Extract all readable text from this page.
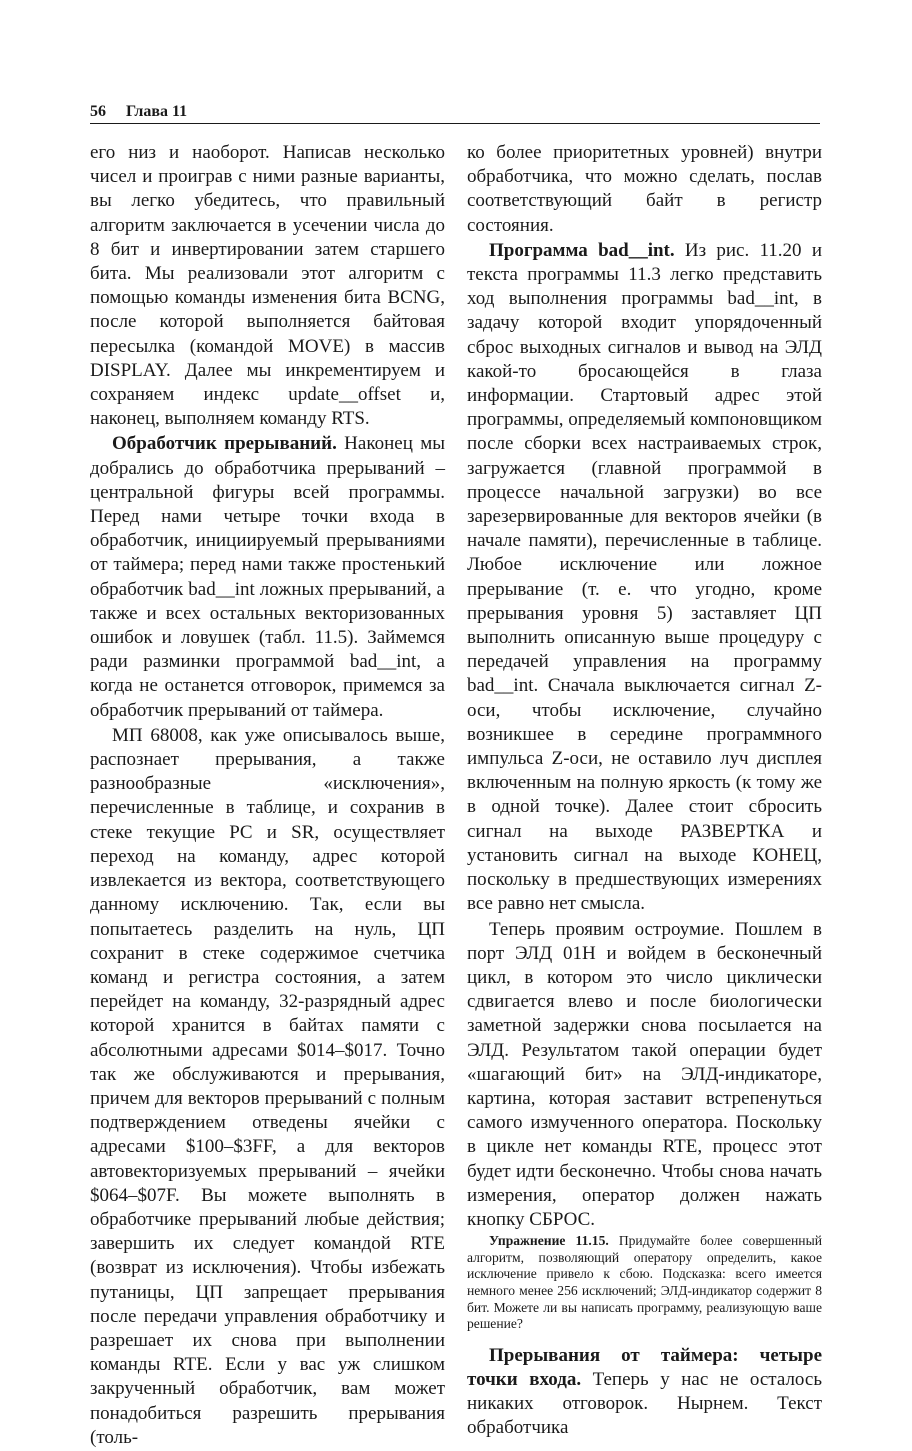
56 Глава 11

его низ и наоборот. Написав несколько чисел и проиграв с ними разные варианты, вы легко убедитесь, что правильный алгоритм заключается в усечении числа до 8 бит и инвертировании затем старшего бита. Мы реализовали этот алгоритм с помощью команды изменения бита BCNG, после которой выполняется байтовая пересылка (командой MOVE) в массив DISPLAY. Далее мы инкрементируем и сохраняем индекс update__offset и, наконец, выполняем команду RTS.

Обработчик прерываний. Наконец мы добрались до обработчика прерываний – центральной фигуры всей программы. Перед нами четыре точки входа в обработчик, инициируемый прерываниями от таймера; перед нами также простенький обработчик bad__int ложных прерываний, а также и всех остальных векторизованных ошибок и ловушек (табл. 11.5). Займемся ради разминки программой bad__int, а когда не останется отговорок, примемся за обработчик прерываний от таймера.

МП 68008, как уже описывалось выше, распознает прерывания, а также разнообразные «исключения», перечисленные в таблице, и сохранив в стеке текущие PC и SR, осуществляет переход на команду, адрес которой извлекается из вектора, соответствующего данному исключению. Так, если вы попытаетесь разделить на нуль, ЦП сохранит в стеке содержимое счетчика команд и регистра состояния, а затем перейдет на команду, 32-разрядный адрес которой хранится в байтах памяти с абсолютными адресами $014–$017. Точно так же обслуживаются и прерывания, причем для векторов прерываний с полным подтверждением отведены ячейки с адресами $100–$3FF, а для векторов автовекторизуемых прерываний – ячейки $064–$07F. Вы можете выполнять в обработчике прерываний любые действия; завершить их следует командой RTE (возврат из исключения). Чтобы избежать путаницы, ЦП запрещает прерывания после передачи управления обработчику и разрешает их снова при выполнении команды RTE. Если у вас уж слишком закрученный обработчик, вам может понадобиться разрешить прерывания (толь-

ко более приоритетных уровней) внутри обработчика, что можно сделать, послав соответствующий байт в регистр состояния.

Программа bad__int. Из рис. 11.20 и текста программы 11.3 легко представить ход выполнения программы bad__int, в задачу которой входит упорядоченный сброс выходных сигналов и вывод на ЭЛД какой-то бросающейся в глаза информации. Стартовый адрес этой программы, определяемый компоновщиком после сборки всех настраиваемых строк, загружается (главной программой в процессе начальной загрузки) во все зарезервированные для векторов ячейки (в начале памяти), перечисленные в таблице. Любое исключение или ложное прерывание (т. е. что угодно, кроме прерывания уровня 5) заставляет ЦП выполнить описанную выше процедуру с передачей управления на программу bad__int. Сначала выключается сигнал Z-оси, чтобы исключение, случайно возникшее в середине программного импульса Z-оси, не оставило луч дисплея включенным на полную яркость (к тому же в одной точке). Далее стоит сбросить сигнал на выходе РАЗВЕРТКА и установить сигнал на выходе КОНЕЦ, поскольку в предшествующих измерениях все равно нет смысла.

Теперь проявим остроумие. Пошлем в порт ЭЛД 01Н и войдем в бесконечный цикл, в котором это число циклически сдвигается влево и после биологически заметной задержки снова посылается на ЭЛД. Результатом такой операции будет «шагающий бит» на ЭЛД-индикаторе, картина, которая заставит встрепенуться самого измученного оператора. Поскольку в цикле нет команды RTE, процесс этот будет идти бесконечно. Чтобы снова начать измерения, оператор должен нажать кнопку СБРОС.

Упражнение 11.15. Придумайте более совершенный алгоритм, позволяющий оператору определить, какое исключение привело к сбою. Подсказка: всего имеется немного менее 256 исключений; ЭЛД-индикатор содержит 8 бит. Можете ли вы написать программу, реализующую ваше решение?

Прерывания от таймера: четыре точки входа. Теперь у нас не осталось никаких отговорок. Нырнем. Текст обработчика
